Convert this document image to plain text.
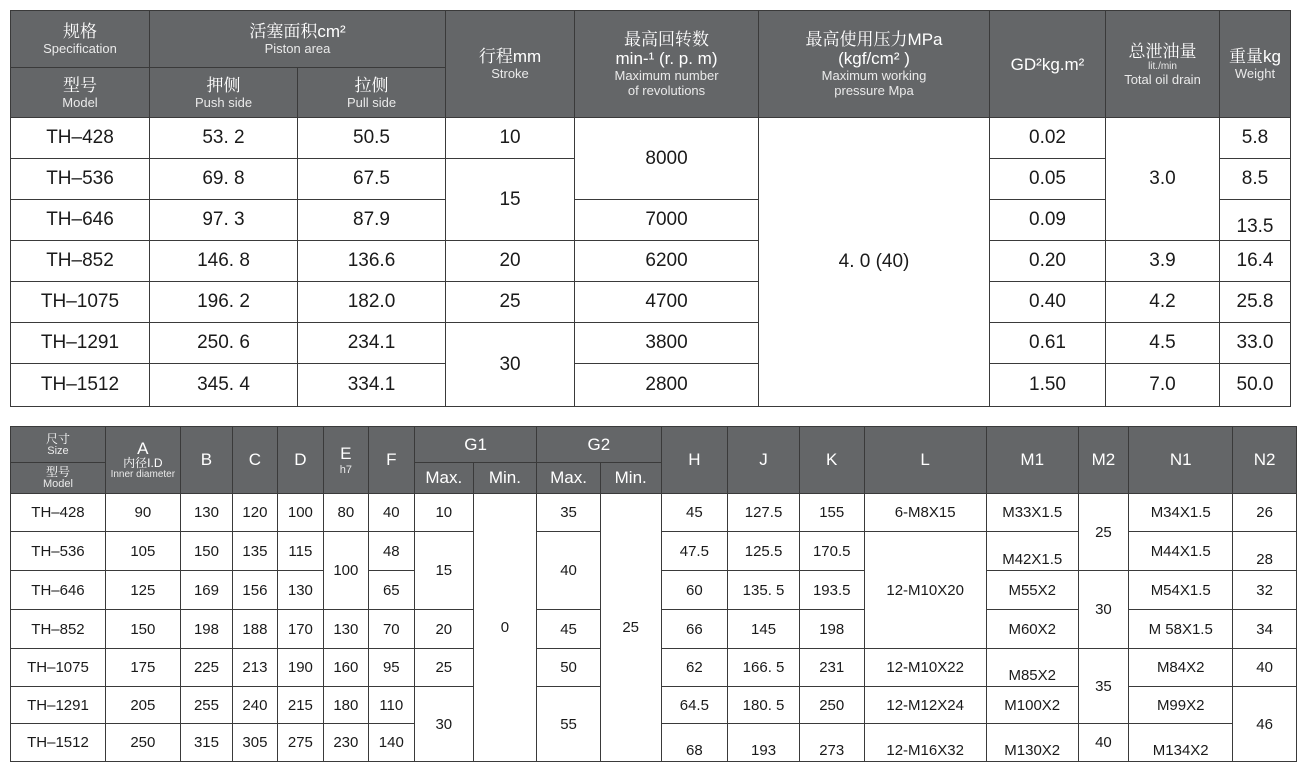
规格
Specification	活塞面积cm²
Piston area		行程mm
Stroke	最高回转数
min-¹ (r. p. m)
Maximum number
of revolutions	最高使用压力MPa
(kgf/cm² )
Maximum working
pressure Mpa	GD²kg.m²	总泄油量
lit./min
Total oil drain	重量kg
Weight

型号
Model	押侧
Push side	拉侧
Pull side						

TH–428	53. 2	50.5	10	8000	4. 0 (40)	0.02	3.0	5.8
TH–536	69. 8	67.5	15			0.05		8.5
TH–646	97. 3	87.9		7000		0.09		13.5
TH–852	146. 8	136.6	20	6200		0.20	3.9	16.4
TH–1075	196. 2	182.0	25	4700		0.40	4.2	25.8
TH–1291	250. 6	234.1	30	3800		0.61	4.5	33.0
TH–1512	345. 4	334.1		2800		1.50	7.0	50.0
尺寸
Size	A
内径I.D
Inner diameter	B	C	D	E
h7	F	G1		G2		H	J	K	L	M1	M2	N1	N2

型号
Model							Max.	Min.	Max.	Min.								
TH–428	90	130	120	100	80	40	10	0	35	25	45	127.5	155	6-M8X15	M33X1.5	25	M34X1.5	26
TH–536	105	150	135	115	100	48	15		40		47.5	125.5	170.5	12-M10X20	M42X1.5		M44X1.5	28
TH–646	125	169	156	130		65					60	135. 5	193.5		M55X2	30	M54X1.5	32
TH–852	150	198	188	170	130	70	20		45		66	145	198		M60X2		M 58X1.5	34
TH–1075	175	225	213	190	160	95	25		50		62	166. 5	231	12-M10X22	M85X2	35	M84X2	40
TH–1291	205	255	240	215	180	110	30		55		64.5	180. 5	250	12-M12X24	M100X2		M99X2	46
TH–1512	250	315	305	275	230	140					68	193	273	12-M16X32	M130X2	40	M134X2	
